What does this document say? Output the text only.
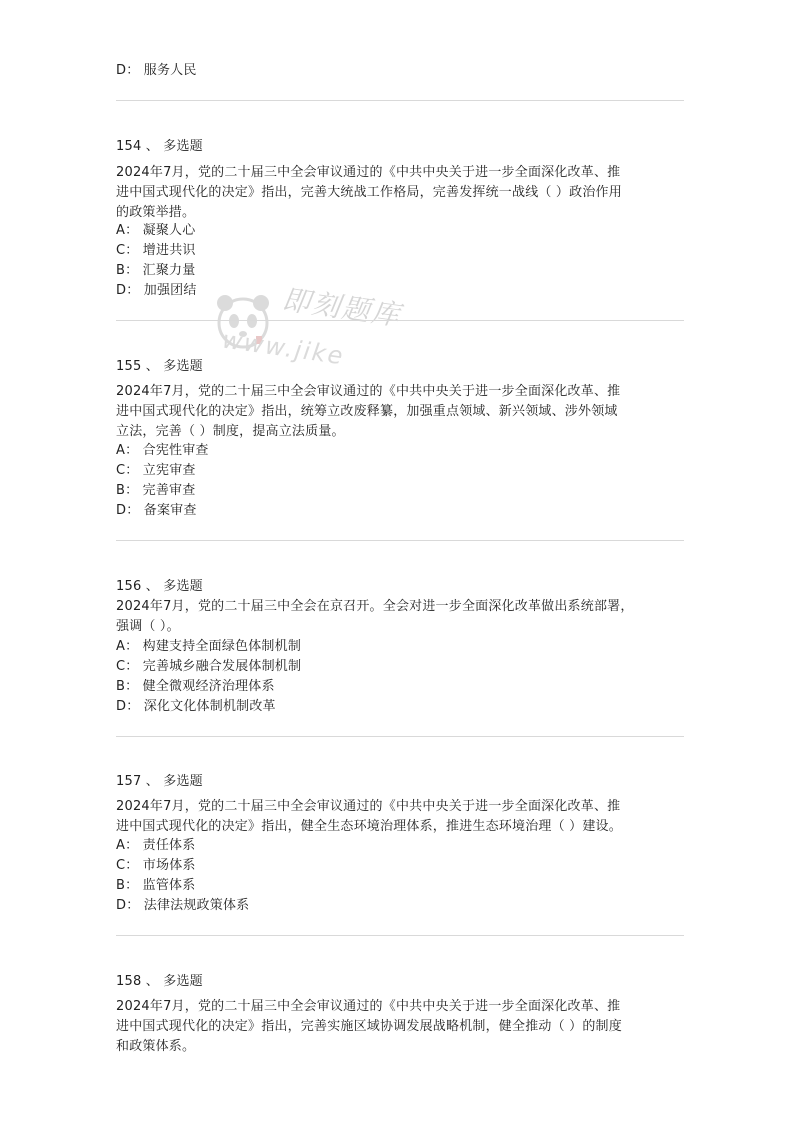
即刻题库
www.jike
D： 服务人民
154 、 多选题
2024年7月，党的二十届三中全会审议通过的《中共中央关于进一步全面深化改革、推
进中国式现代化的决定》指出，完善大统战工作格局，完善发挥统一战线（ ）政治作用
的政策举措。
A： 凝聚人心
C： 增进共识
B： 汇聚力量
D： 加强团结
155 、 多选题
2024年7月，党的二十届三中全会审议通过的《中共中央关于进一步全面深化改革、推
进中国式现代化的决定》指出，统筹立改废释纂，加强重点领域、新兴领域、涉外领域
立法，完善（ ）制度，提高立法质量。
A： 合宪性审查
C： 立宪审查
B： 完善审查
D： 备案审查
156 、 多选题
2024年7月，党的二十届三中全会在京召开。全会对进一步全面深化改革做出系统部署，
强调（ ）。
A： 构建支持全面绿色体制机制
C： 完善城乡融合发展体制机制
B： 健全微观经济治理体系
D： 深化文化体制机制改革
157 、 多选题
2024年7月，党的二十届三中全会审议通过的《中共中央关于进一步全面深化改革、推
进中国式现代化的决定》指出，健全生态环境治理体系，推进生态环境治理（ ）建设。
A： 责任体系
C： 市场体系
B： 监管体系
D： 法律法规政策体系
158 、 多选题
2024年7月，党的二十届三中全会审议通过的《中共中央关于进一步全面深化改革、推
进中国式现代化的决定》指出，完善实施区域协调发展战略机制，健全推动（ ）的制度
和政策体系。
